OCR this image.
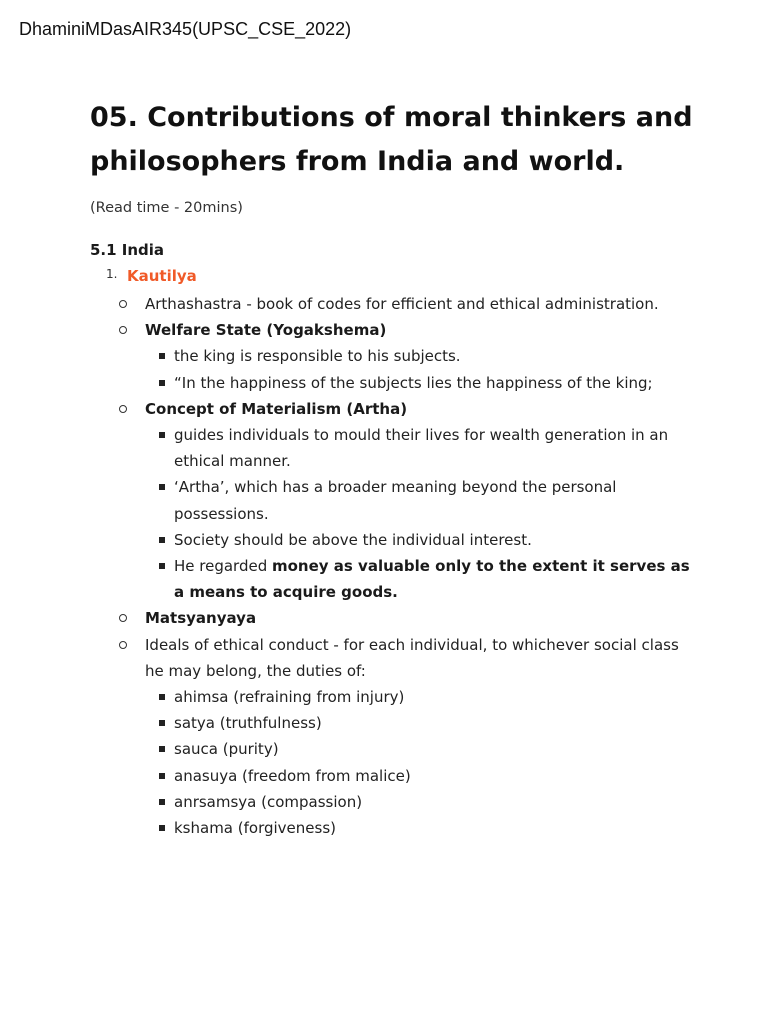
DhaminiMDasAIR345(UPSC_CSE_2022)
05. Contributions of moral thinkers and
philosophers from India and world.
(Read time - 20mins)
5.1 India
1. Kautilya
Arthashastra - book of codes for efficient and ethical administration.
Welfare State (Yogakshema)
the king is responsible to his subjects.
“In the happiness of the subjects lies the happiness of the king;
Concept of Materialism (Artha)
guides individuals to mould their lives for wealth generation in an ethical manner.
‘Artha’, which has a broader meaning beyond the personal possessions.
Society should be above the individual interest.
He regarded money as valuable only to the extent it serves as a means to acquire goods.
Matsyanyaya
Ideals of ethical conduct - for each individual, to whichever social class he may belong, the duties of:
ahimsa (refraining from injury)
satya (truthfulness)
sauca (purity)
anasuya (freedom from malice)
anrsamsya (compassion)
kshama (forgiveness)
